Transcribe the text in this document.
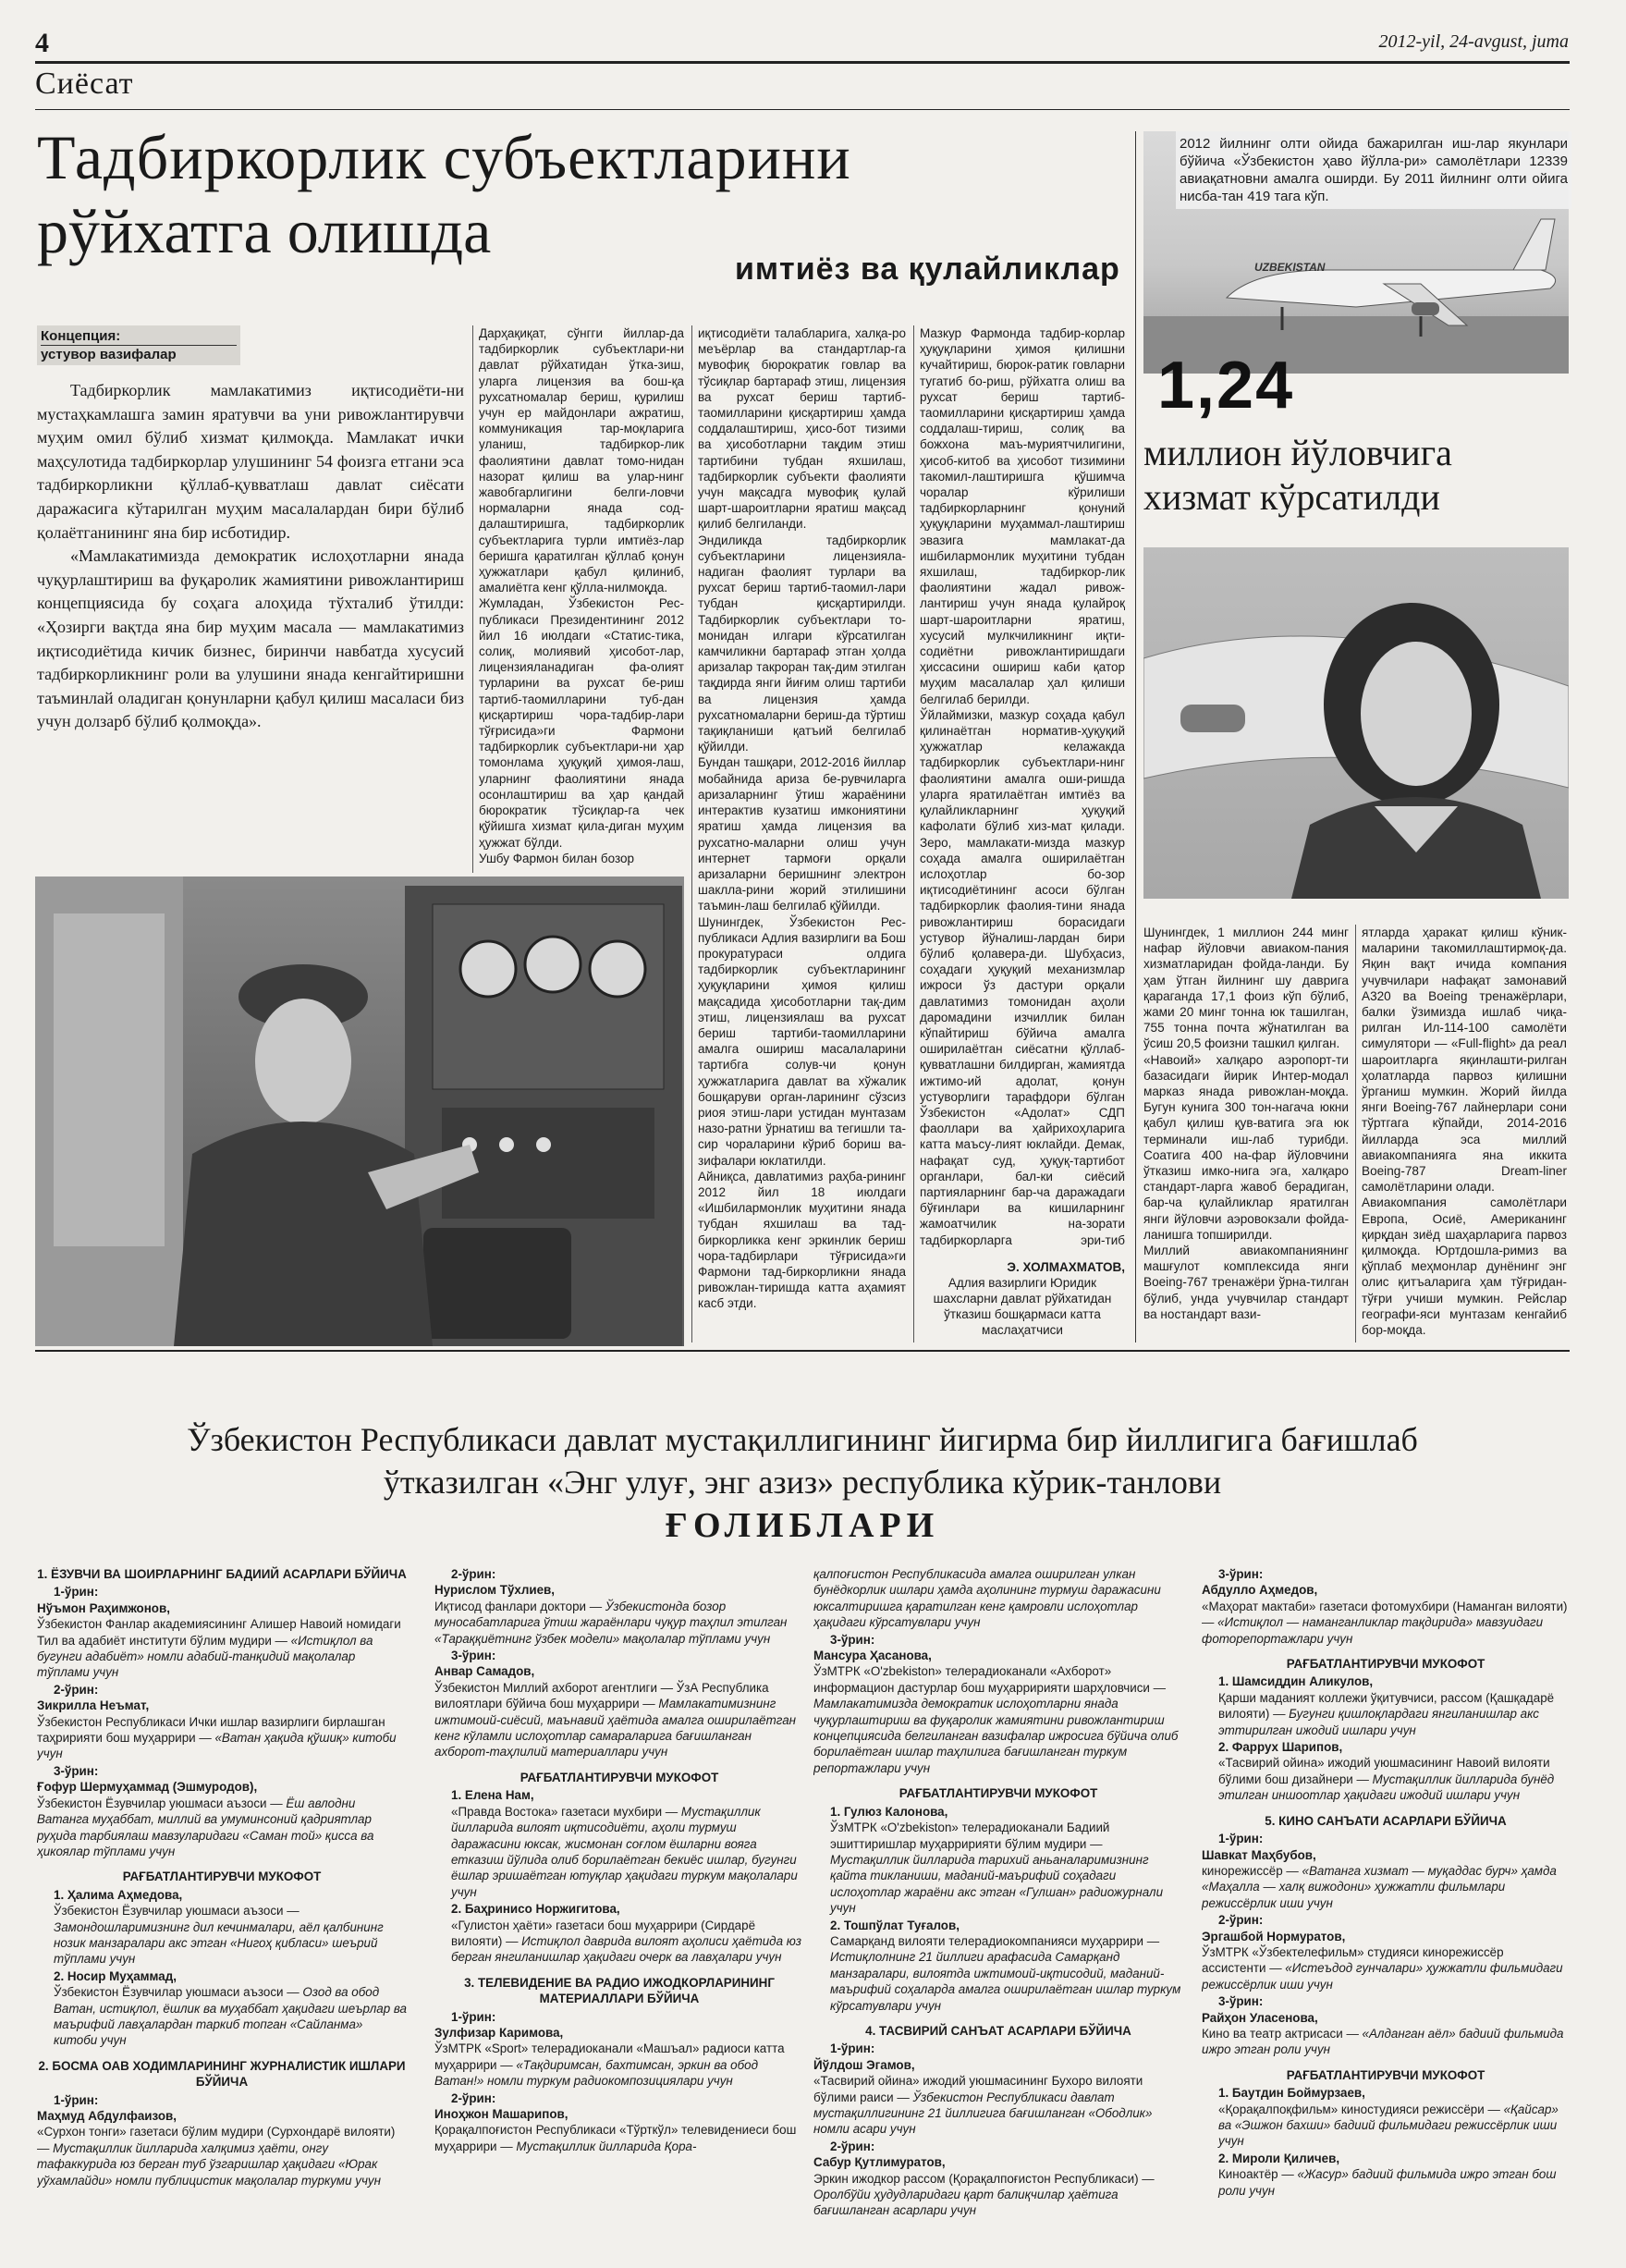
4	2012-yil, 24-avgust, juma
Сиёсат
Тадбиркорлик субъектларини
рўйхатга олишда
имтиёз ва қулайликлар
Концепция:
устувор вазифалар

Тадбиркорлик мамлакатимиз иқтисодиёти-ни мустаҳкамлашга замин яратувчи ва уни ривожлантирувчи муҳим омил бўлиб хизмат қилмоқда. Мамлакат ички маҳсулотида тадбиркорлар улушининг 54 фоизга етгани эса тадбиркорликни қўллаб-қувватлаш давлат сиёсати даражасига кўтарилган муҳим масалалардан бири бўлиб қолаётганининг яна бир исботидир.

«Мамлакатимизда демократик ислоҳотларни янада чуқурлаштириш ва фуқаролик жамиятини ривожлантириш концепциясида бу соҳага алоҳида тўхталиб ўтилди: «Ҳозирги вақтда яна бир муҳим масала — мамлакатимиз иқтисодиётида кичик бизнес, биринчи навбатда хусусий тадбиркорликнинг роли ва улушини янада кенгайтиришни таъминлай оладиган қонунларни қабул қилиш масаласи биз учун долзарб бўлиб қолмоқда».

Дарҳақиқат, сўнгги йиллар-да тадбиркорлик субъектлари-ни давлат рўйхатидан ўтка-зиш, уларга лицензия ва бош-қа рухсатномалар бериш, қурилиш учун ер майдонлари ажратиш, коммуникация тар-моқларига уланиш, тадбиркор-лик фаолиятини давлат томо-нидан назорат қилиш ва улар-нинг жавобгарлигини белги-ловчи нормаларни янада сод-далаштиришга, тадбиркорлик субъектларига турли имтиёз-лар беришга қаратилган қўллаб қонун ҳужжатлари қабул қилиниб, амалиётга кенг қўлла-нилмоқда.
Жумладан, Ўзбекистон Рес-публикаси Президентининг 2012 йил 16 июлдаги «Статис-тика, солиқ, молиявий ҳисобот-лар, лицензияланадиган фа-олият турларини ва рухсат бе-риш тартиб-таомилларини туб-дан қисқартириш чора-тадбир-лари тўғрисида»ги Фармони тадбиркорлик субъектлари-ни ҳар томонлама ҳуқуқий ҳимоя-лаш, уларнинг фаолиятини янада осонлаштириш ва ҳар қандай бюрократик тўсиқлар-га чек қўйишга хизмат қила-диган муҳим ҳужжат бўлди.
Ушбу Фармон билан бозор
иқтисодиёти талабларига, халқа-ро меъёрлар ва стандартлар-га мувофиқ бюрократик говлар ва тўсиқлар бартараф этиш, лицензия ва рухсат бериш тартиб-таомилларини қисқартириш ҳамда соддалаштириш, ҳисо-бот тизими ва ҳисоботларни тақдим этиш тартибини тубдан яхшилаш, тадбиркорлик субъекти фаолияти учун мақсадга мувофиқ қулай шарт-шароитларни яратиш мақсад қилиб белгиланди.
Эндиликда тадбиркорлик субъектларини лицензияла-надиган фаолият турлари ва рухсат бериш тартиб-таомил-лари тубдан қисқартирилди. Тадбиркорлик субъектлари то-монидан илгари кўрсатилган камчиликни бартараф этган ҳолда аризалар такроран тақ-дим этилган тақдирда янги йиғим олиш тартиби ва лицензия ҳамда рухсатномаларни бериш-да тўртиш тақиқланиши қатъий белгилаб қўйилди.
Бундан ташқари, 2012-2016 йиллар мобайнида ариза бе-рувчиларга аризаларнинг ўтиш жараёнини интерактив кузатиш имкониятини яратиш ҳамда лицензия ва рухсатно-маларни олиш учун интернет тармоғи орқали аризаларни беришнинг электрон шаклла-рини жорий этилишини таъмин-лаш белгилаб қўйилди.
Шунингдек, Ўзбекистон Рес-публикаси Адлия вазирлиги ва Бош прокуратураси олдига тадбиркорлик субъектларининг ҳуқуқларини ҳимоя қилиш мақсадида ҳисоботларни тақ-дим этиш, лицензиялаш ва рухсат бериш тартиби-таомилларини амалга ошириш масалаларини тартибга солув-чи қонун ҳужжатларига давлат ва хўжалик бошқаруви орган-ларининг сўзсиз риоя этиш-лари устидан мунтазам назо-ратни ўрнатиш ва тегишли та-сир чораларини кўриб бориш ва-зифалари юклатилди.
Айниқса, давлатимиз раҳба-рининг 2012 йил 18 июлдаги «Ишбилармонлик муҳитини янада тубдан яхшилаш ва тад-биркорликка кенг эркинлик бериш чора-тадбирлари тўғрисида»ги Фармони тад-биркорликни янада ривожлан-тиришда катта аҳамият касб этди.
Мазкур Фармонда тадбир-корлар ҳуқуқларини ҳимоя қилишни кучайтириш, бюрок-ратик говларни тугатиб бо-риш, рўйхатга олиш ва рухсат бериш тартиб-таомилларини қисқартириш ҳамда соддалаш-тириш, солиқ ва божхона маъ-муриятчилигини, ҳисоб-китоб ва ҳисобот тизимини такомил-лаштиришга қўшимча чоралар кўрилиши тадбиркорларнинг қонуний ҳуқуқларини муҳаммал-лаштириш эвазига мамлакат-да ишбилармонлик муҳитини тубдан яхшилаш, тадбиркор-лик фаолиятини жадал ривож-лантириш учун янада қулайроқ шарт-шароитларни яратиш, хусусий мулкчиликнинг иқти-содиётни ривожлантиришдаги ҳиссасини ошириш каби қатор муҳим масалалар ҳал қилиши белгилаб берилди.
Ўйлаймизки, мазкур соҳада қабул қилинаётган норматив-ҳуқуқий ҳужжатлар келажакда тадбиркорлик субъектлари-нинг фаолиятини амалга оши-ришда уларга яратилаётган имтиёз ва қулайликларнинг ҳуқуқий кафолати бўлиб хиз-мат қилади. Зеро, мамлакати-мизда мазкур соҳада амалга оширилаётган ислоҳотлар бо-зор иқтисодиётининг асоси бўлган тадбиркорлик фаолия-тини янада ривожлантириш борасидаги устувор йўналиш-лардан бири бўлиб қолавера-ди. Шубҳасиз, соҳадаги ҳуқуқий механизмлар ижроси ўз дастури орқали давлатимиз томонидан аҳоли даромадини изчиллик билан кўпайтириш бўйича амалга оширилаётган сиёсатни қўллаб-қувватлашни билдирган, жамиятда ижтимо-ий адолат, қонун устуворлиги тарафдори бўлган Ўзбекистон «Адолат» СДП фаоллари ва ҳайрихоҳларига катта маъсу-лият юклайди. Демак, нафақат суд, ҳуқуқ-тартибот органлари, бал-ки сиёсий партияларнинг бар-ча даражадаги бўғинлари ва кишиларнинг жамоатчилик на-зорати тадбиркорларга эри-тиб
Э. ХОЛМАХМАТОВ,
Адлия вазирлиги Юридик шахсларни давлат рўйхатидан ўтказиш бошқармаси катта маслаҳатчиси
UZBEKISTAN
2012 йилнинг олти ойида бажарилган иш-лар якунлари бўйича «Ўзбекистон ҳаво йўлла-ри» самолётлари 12339 авиақатновни амалга оширди. Бу 2011 йилнинг олти ойига нисба-тан 419 тага кўп.
1,24
миллион йўловчига
хизмат кўрсатилди
Шунингдек, 1 миллион 244 минг нафар йўловчи авиаком-пания хизматларидан фойда-ланди. Бу ҳам ўтган йилнинг шу даврига қараганда 17,1 фоиз кўп бўлиб, жами 20 минг тонна юк ташилган, 755 тонна почта жўнатилган ва ўсиш 20,5 фоизни ташкил қилган.
«Навоий» халқаро аэропорт-ти базасидаги йирик Интер-модал марказ янада ривожлан-моқда. Бугун кунига 300 тон-нагача юкни қабул қилиш қув-ватига эга юк терминали иш-лаб турибди. Соатига 400 на-фар йўловчини ўтказиш имко-нига эга, халқаро стандарт-ларга жавоб берадиган, бар-ча қулайликлар яратилган янги йўловчи аэровокзали фойда-ланишга топширилди.
Миллий авиакомпаниянинг машғулот комплексида янги Boeing-767 тренажёри ўрна-тилган бўлиб, унда учувчилар стандарт ва ностандарт вази-
ятларда ҳаракат қилиш кўник-маларини такомиллаштирмоқ-да. Яқин вақт ичида компания учувчилари нафақат замонавий A320 ва Boeing тренажёрлари, балки ўзимизда ишлаб чиқа-рилган Ил-114-100 самолёти симулятори — «Full-flight» да реал шароитларга яқинлашти-рилган ҳолатларда парвоз қилишни ўрганиш мумкин. Жорий йилда янги Boeing-767 лайнерлари сони тўртгага кўпайди, 2014-2016 йилларда эса миллий авиакомпанияга яна иккита Boeing-787 Dream-liner самолётларини олади.
Авиакомпания самолётлари Европа, Осиё, Американинг қирқдан зиёд шаҳарларига парвоз қилмоқда. Юртдошла-римиз ва қўплаб меҳмонлар дунёнинг энг олис қитъаларига ҳам тўғридан-тўғри учиши мумкин. Рейслар географи-яси мунтазам кенгайиб бор-моқда.
Ўзбекистон Республикаси давлат мустақиллигининг йигирма бир йиллигига бағишлаб
ўтказилган «Энг улуғ, энг азиз» республика кўрик-танлови
ҒОЛИБЛАРИ
1. ЁЗУВЧИ ВА ШОИРЛАРНИНГ БАДИИЙ АСАРЛАРИ БЎЙИЧА
1-ўрин:
Нўъмон Раҳимжонов,
Ўзбекистон Фанлар академиясининг Алишер Навоий номидаги Тил ва адабиёт институти бўлим мудири — «Истиқлол ва бугунги адабиёт» номли адабий-танқидий мақолалар тўплами учун
2-ўрин:
Зикрилла Неъмат,
Ўзбекистон Республикаси Ички ишлар вазирлиги бирлашган таҳририяти бош муҳаррири — «Ватан ҳақида қўшиқ» китоби учун
3-ўрин:
Ғофур Шермуҳаммад (Эшмуродов),
Ўзбекистон Ёзувчилар уюшмаси аъзоси — Ёш авлодни Ватанга муҳаббат, миллий ва умуминсоний қадриятлар руҳида тарбиялаш мавзуларидаги «Саман той» қисса ва ҳикоялар тўплами учун
РАҒБАТЛАНТИРУВЧИ МУКОФОТ
1. Ҳалима Аҳмедова,
Ўзбекистон Ёзувчилар уюшмаси аъзоси — Замондошларимизнинг дил кечинмалари, аёл қалбининг нозик манзаралари акс этган «Нигоҳ қибласи» шеърий тўплами учун
2. Носир Муҳаммад,
Ўзбекистон Ёзувчилар уюшмаси аъзоси — Озод ва обод Ватан, истиқлол, ёшлик ва муҳаббат ҳақидаги шеърлар ва маърифий лавҳалардан таркиб топган «Сайланма» китоби учун
2. БОСМА ОАВ ХОДИМЛАРИНИНГ ЖУРНАЛИСТИК ИШЛАРИ БЎЙИЧА
1-ўрин:
Маҳмуд Абдулфаизов,
«Сурхон тонги» газетаси бўлим мудири (Сурхондарё вилояти) — Мустақиллик йилларида халқимиз ҳаёти, онгу тафаккурида юз берган туб ўзгаришлар ҳақидаги «Юрак уўхамлайди» номли публицистик мақолалар туркуми учун
2-ўрин:
Нурислом Тўхлиев,
Иқтисод фанлари доктори — Ўзбекистонда бозор муносабатларига ўтиш жараёнлари чуқур таҳлил этилган «Тараққиётнинг ўзбек модели» мақолалар тўплами учун
3-ўрин:
Анвар Самадов,
Ўзбекистон Миллий ахборот агентлиги — ЎзА Республика вилоятлари бўйича бош муҳаррири — Мамлакатимизнинг ижтимоий-сиёсий, маънавий ҳаётида амалга оширилаётган кенг кўламли ислоҳотлар самараларига бағишланган ахборот-таҳлилий материаллари учун
РАҒБАТЛАНТИРУВЧИ МУКОФОТ
1. Елена Нам,
«Правда Востока» газетаси мухбири — Мустақиллик йилларида вилоят иқтисодиёти, аҳоли турмуш даражасини юксак, жисмонан соғлом ёшларни вояга етказиш йўлида олиб борилаётган бекиёс ишлар, бугунги ёшлар эришаётган ютуқлар ҳақидаги туркум мақолалари учун
2. Баҳриниcо Норжигитова,
«Гулистон ҳаёти» газетаси бош муҳаррири (Сирдарё вилояти) — Истиқлол даврида вилоят аҳолиси ҳаётида юз берган янгиланишлар ҳақидаги очерк ва лавҳалари учун
3. ТЕЛЕВИДЕНИЕ ВА РАДИО ИЖОДКОРЛАРИНИНГ МАТЕРИАЛЛАРИ БЎЙИЧА
1-ўрин:
Зулфизар Каримова,
ЎзМТРК «Sport» телерадиоканали «Машъал» радиоси катта муҳаррири — «Тақдиримсан, бахтимсан, эркин ва обод Ватан!» номли туркум радиокомпозициялари учун
2-ўрин:
Иноҳжон Машарипов,
Қорақалпоғистон Республикаси «Тўрткўл» телевидениеси бош муҳаррири — Мустақиллик йилларида Қора-
қалпоғистон Республикасида амалга оширилган улкан бунёдкорлик ишлари ҳамда аҳолининг турмуш даражасини юксалтиришга қаратилган кенг қамровли ислоҳотлар ҳақидаги кўрсатувлари учун
3-ўрин:
Мансура Ҳасанова,
ЎзМТРК «O'zbekiston» телерадиоканали «Ахборот» информацион дастурлар бош муҳарририяти шарҳловчиси — Мамлакатимизда демократик ислоҳотларни янада чуқурлаштириш ва фуқаролик жамиятини ривожлантириш концепциясида белгиланган вазифалар ижросига бўйича олиб борилаётган ишлар таҳлилига бағишланган туркум репортажлари учун
РАҒБАТЛАНТИРУВЧИ МУКОФОТ
1. Гулюз Калонова,
ЎзМТРК «O'zbekiston» телерадиоканали Бадиий эшиттиришлар муҳарририяти бўлим мудири — Мустақиллик йилларида тарихий аньаналаримизнинг қайта тикланиши, маданий-маърифий соҳадаги ислоҳотлар жараёни акс этган «Гулшан» радиожурнали учун
2. Тошпўлат Туғалов,
Самарқанд вилояти телерадиокомпанияси муҳаррири — Истиқлолнинг 21 йиллиги арафасида Самарқанд манзаралари, вилоятда ижтимоий-иқтисодий, маданий-маърифий соҳаларда амалга оширилаётган ишлар туркум кўрсатувлари учун
4. ТАСВИРИЙ САНЪАТ АСАРЛАРИ БЎЙИЧА
1-ўрин:
Йўлдош Эгамов,
«Тасвирий ойина» ижодий уюшмасининг Бухоро вилояти бўлими раиси — Ўзбекистон Республикаси давлат мустақиллигининг 21 йиллигига бағишланган «Ободлик» номли асари учун
2-ўрин:
Сабур Қутлимуратов,
Эркин ижодкор рассом (Қорақалпоғистон Республикаси) — Оролбўйи ҳудудларидаги қарт балиқчилар ҳаётига бағишланган асарлари учун
3-ўрин:
Абдулло Аҳмедов,
«Маҳорат мактаби» газетаси фотомухбири (Наманган вилояти) — «Истиқлол — наманганликлар тақдирида» мавзуидаги фоторепортажлари учун
РАҒБАТЛАНТИРУВЧИ МУКОФОТ
1. Шамсиддин Аликулов,
Қарши маданият коллежи ўқитувчиси, рассом (Қашқадарё вилояти) — Бугунги қишлоқлардаги янгиланишлар акс эттирилган ижодий ишлари учун
2. Фаррух Шарипов,
«Тасвирий ойина» ижодий уюшмасининг Навоий вилояти бўлими бош дизайнери — Мустақиллик йилларида бунёд этилган иншоотлар ҳақидаги ижодий ишлари учун
5. КИНО САНЪАТИ АСАРЛАРИ БЎЙИЧА
1-ўрин:
Шавкат Маҳбубов,
кинорежиссёр — «Ватанга хизмат — муқаддас бурч» ҳамда «Маҳалла — халқ вижодони» ҳужжатли фильмлари режиссёрлик иши учун
2-ўрин:
Эргашбой Нормуратов,
ЎзМТРК «Ўзбектелефильм» студияси кинорежиссёр ассистенти — «Истеъдод гунчалари» ҳужжатли фильмидаги режиссёрлик иши учун
3-ўрин:
Райҳон Уласенова,
Кино ва театр актрисаси — «Алданган аёл» бадиий фильмида ижро этган роли учун
РАҒБАТЛАНТИРУВЧИ МУКОФОТ
1. Баутдин Боймурзаев,
«Қорақалпоқфильм» киностудияси режиссёри — «Қайсар» ва «Эшжон бахши» бадиий фильмидаги режиссёрлик иши учун
2. Мироли Қиличев,
Киноактёр — «Жасур» бадиий фильмида ижро этган бош роли учун
